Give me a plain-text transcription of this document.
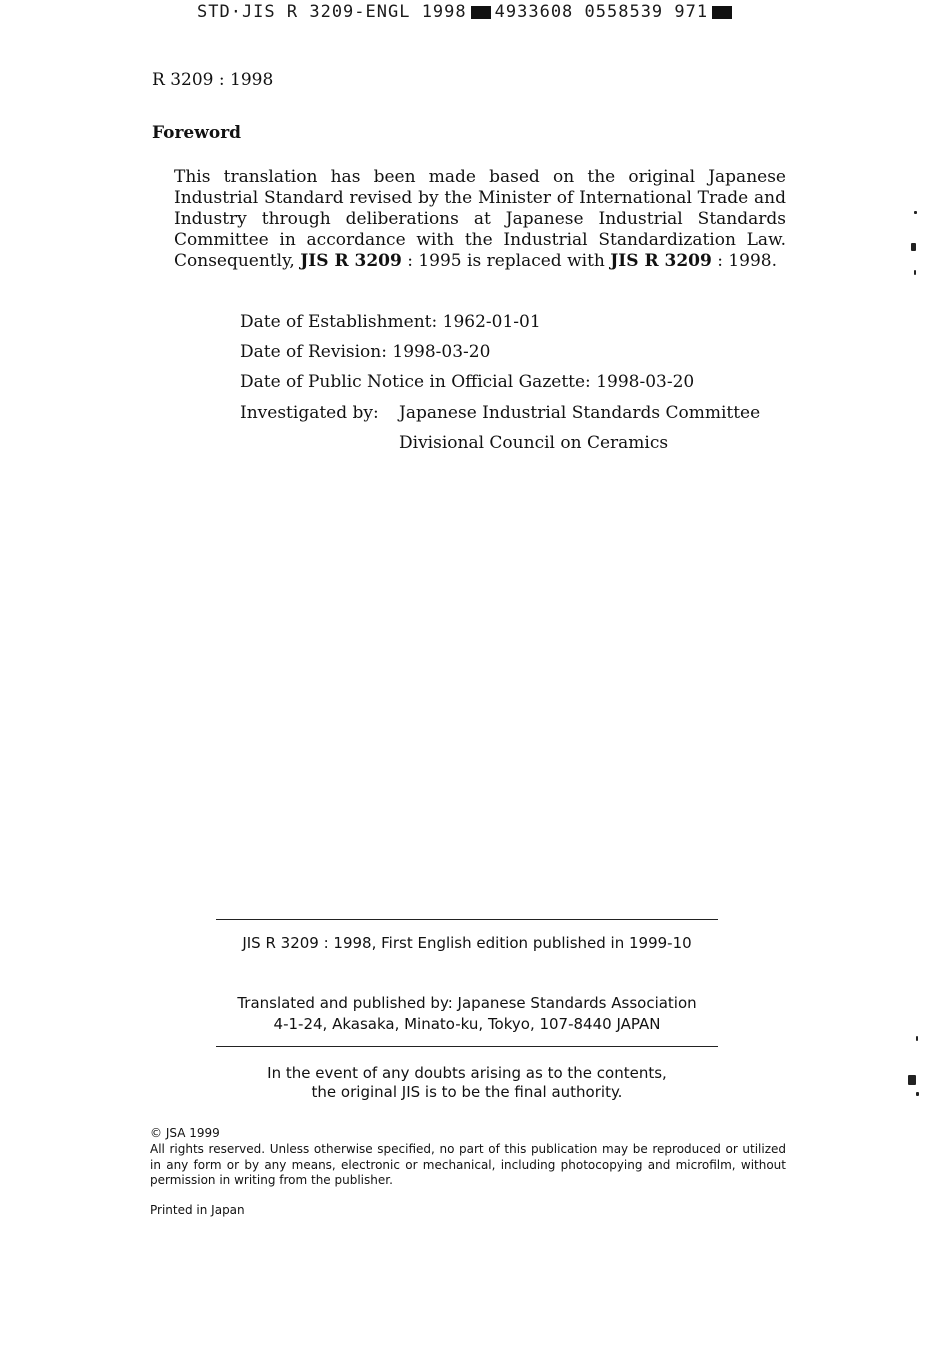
STD·JIS R 3209-ENGL 1998 4933608 0558539 971
R 3209 : 1998
Foreword
This translation has been made based on the original Japanese Industrial Standard revised by the Minister of International Trade and Industry through deliberations at Japanese Industrial Standards Committee in accordance with the Industrial Standardization Law. Consequently, JIS R 3209 : 1995 is replaced with JIS R 3209 : 1998.
Date of Establishment: 1962-01-01
Date of Revision: 1998-03-20
Date of Public Notice in Official Gazette: 1998-03-20
Investigated by: Japanese Industrial Standards Committee
Divisional Council on Ceramics
JIS R 3209 : 1998, First English edition published in 1999-10
Translated and published by: Japanese Standards Association
4-1-24, Akasaka, Minato-ku, Tokyo, 107-8440 JAPAN
In the event of any doubts arising as to the contents,
the original JIS is to be the final authority.
© JSA 1999
All rights reserved. Unless otherwise specified, no part of this publication may be reproduced or utilized in any form or by any means, electronic or mechanical, including photocopying and microfilm, without permission in writing from the publisher.
Printed in Japan
